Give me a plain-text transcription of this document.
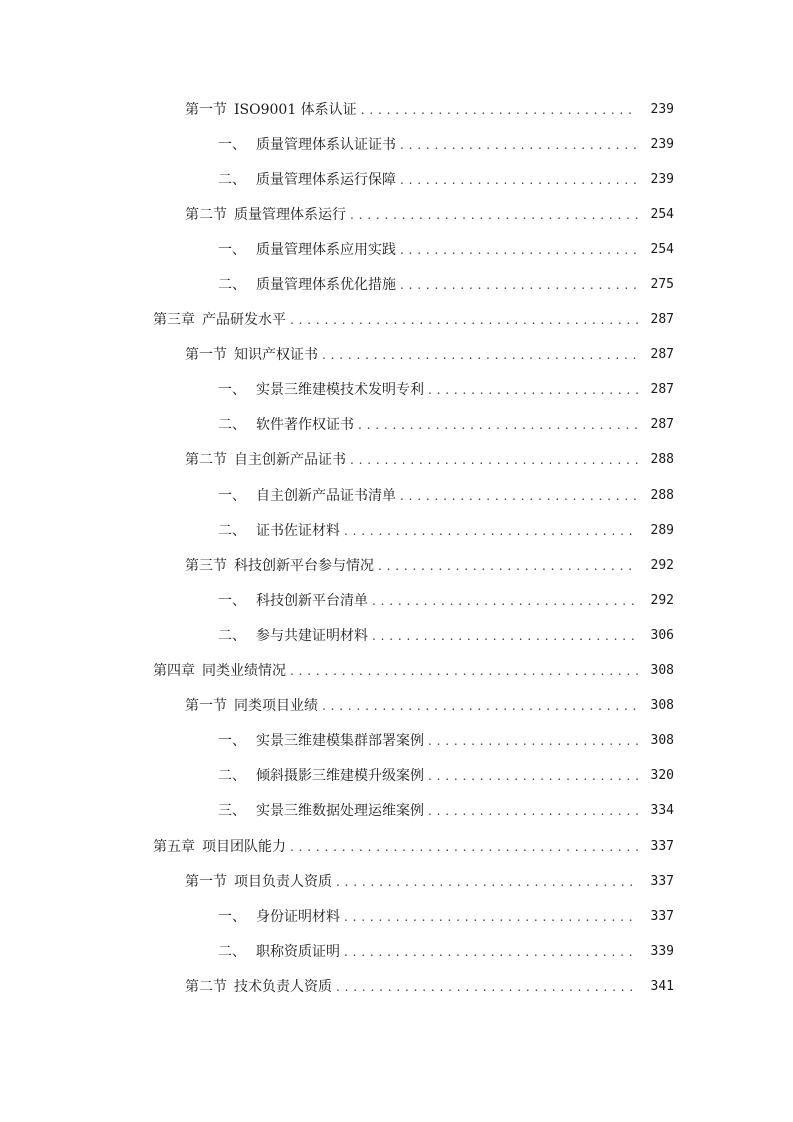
第一节 ISO9001 体系认证 . . .	239
一、 质量管理体系认证证书 . . .	239
二、 质量管理体系运行保障 . . .	239
第二节 质量管理体系运行 . . .	254
一、 质量管理体系应用实践 . . .	254
二、 质量管理体系优化措施 . . .	275
第三章 产品研发水平 . . .	287
第一节 知识产权证书 . . .	287
一、 实景三维建模技术发明专利 . . .	287
二、 软件著作权证书 . . .	287
第二节 自主创新产品证书 . . .	288
一、 自主创新产品证书清单 . . .	288
二、 证书佐证材料 . . .	289
第三节 科技创新平台参与情况 . . .	292
一、 科技创新平台清单 . . .	292
二、 参与共建证明材料 . . .	306
第四章 同类业绩情况 . . .	308
第一节 同类项目业绩 . . .	308
一、 实景三维建模集群部署案例 . . .	308
二、 倾斜摄影三维建模升级案例 . . .	320
三、 实景三维数据处理运维案例 . . .	334
第五章 项目团队能力 . . .	337
第一节 项目负责人资质 . . .	337
一、 身份证明材料 . . .	337
二、 职称资质证明 . . .	339
第二节 技术负责人资质 . . .	341
